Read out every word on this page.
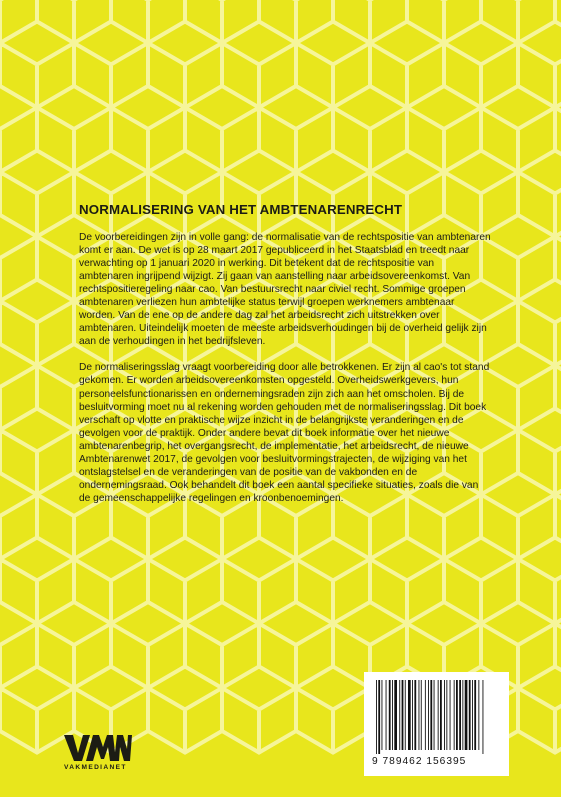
NORMALISERING VAN HET AMBTENARENRECHT

De voorbereidingen zijn in volle gang: de normalisatie van de rechtspositie van ambtenaren komt er aan. De wet is op 28 maart 2017 gepubliceerd in het Staatsblad en treedt naar verwachting op 1 januari 2020 in werking. Dit betekent dat de rechtspositie van ambtenaren ingrijpend wijzigt. Zij gaan van aanstelling naar arbeidsovereenkomst. Van rechtspositieregeling naar cao. Van bestuursrecht naar civiel recht. Sommige groepen ambtenaren verliezen hun ambtelijke status terwijl groepen werknemers ambtenaar worden. Van de ene op de andere dag zal het arbeidsrecht zich uitstrekken over ambtenaren. Uiteindelijk moeten de meeste arbeidsverhoudingen bij de overheid gelijk zijn aan de verhoudingen in het bedrijfsleven.

De normaliseringsslag vraagt voorbereiding door alle betrokkenen. Er zijn al cao's tot stand gekomen. Er worden arbeidsovereenkomsten opgesteld. Overheidswerkgevers, hun personeelsfunctionarissen en ondernemingsraden zijn zich aan het omscholen. Bij de besluitvorming moet nu al rekening worden gehouden met de normaliseringsslag. Dit boek verschaft op vlotte en praktische wijze inzicht in de belangrijkste veranderingen en de gevolgen voor de praktijk. Onder andere bevat dit boek informatie over het nieuwe ambtenarenbegrip, het overgangsrecht, de implementatie, het arbeidsrecht, de nieuwe Ambtenarenwet 2017, de gevolgen voor besluitvormingstrajecten, de wijziging van het ontslagstelsel en de veranderingen van de positie van de vakbonden en de ondernemingsraad. Ook behandelt dit boek een aantal specifieke situaties, zoals die van de gemeenschappelijke regelingen en kroonbenoemingen.

VAKMEDIANET
9 789462 156395
